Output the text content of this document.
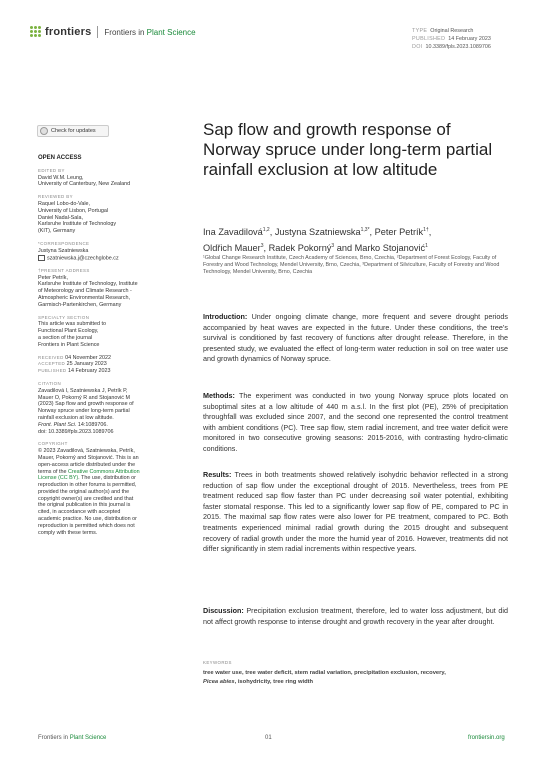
frontiers Frontiers in Plant Science	TYPE Original Research
PUBLISHED 14 February 2023
DOI 10.3389/fpls.2023.1089706
Check for updates
OPEN ACCESS
EDITED BY
David W.M. Leung,
University of Canterbury, New Zealand
REVIEWED BY
Raquel Lobo-do-Vale,
University of Lisbon, Portugal
Daniel Nadal-Sala,
Karlsruhe Institute of Technology
(KIT), Germany
*CORRESPONDENCE
Justyna Szatniewska
szatniewska.j@czechglobe.cz
†PRESENT ADDRESS
Peter Petrík,
Karlsruhe Institute of Technology, Institute
of Meteorology and Climate Research -
Atmospheric Environmental Research,
Garmisch-Partenkirchen, Germany
SPECIALTY SECTION
This article was submitted to
Functional Plant Ecology,
a section of the journal
Frontiers in Plant Science
RECEIVED 04 November 2022
ACCEPTED 25 January 2023
PUBLISHED 14 February 2023
CITATION
Zavadilová I, Szatniewska J, Petrík P,
Mauer O, Pokorný R and Stojanović M
(2023) Sap flow and growth response of
Norway spruce under long-term partial
rainfall exclusion at low altitude.
Front. Plant Sci. 14:1089706.
doi: 10.3389/fpls.2023.1089706
COPYRIGHT
© 2023 Zavadilová, Szatniewska, Petrík,
Mauer, Pokorný and Stojanović. This is an
open-access article distributed under the
terms of the Creative Commons Attribution
License (CC BY). The use, distribution or
reproduction in other forums is permitted,
provided the original author(s) and the
copyright owner(s) are credited and that
the original publication in this journal is
cited, in accordance with accepted
academic practice. No use, distribution or
reproduction is permitted which does not
comply with these terms.
Sap flow and growth response of Norway spruce under long-term partial rainfall exclusion at low altitude
Ina Zavadilová$^{1,2}$, Justyna Szatniewska$^{1,3*}$, Peter Petrík$^{1\dagger}$,
Oldřich Mauer$^3$, Radek Pokorný$^3$ and Marko Stojanović$^1$
¹Global Change Research Institute, Czech Academy of Sciences, Brno, Czechia, ²Department of Forest Ecology, Faculty of Forestry and Wood Technology, Mendel University, Brno, Czechia, ³Department of Silviculture, Faculty of Forestry and Wood Technology, Mendel University, Brno, Czechia
Introduction: Under ongoing climate change, more frequent and severe drought periods accompanied by heat waves are expected in the future. Under these conditions, the tree’s survival is conditioned by fast recovery of functions after drought release. Therefore, in the presented study, we evaluated the effect of long-term water reduction in soil on tree water use and growth dynamics of Norway spruce.
Methods: The experiment was conducted in two young Norway spruce plots located on suboptimal sites at a low altitude of 440 m a.s.l. In the first plot (PE), 25% of precipitation throughfall was excluded since 2007, and the second one represented the control treatment with ambient conditions (PC). Tree sap flow, stem radial increment, and tree water deficit were monitored in two consecutive growing seasons: 2015-2016, with contrasting hydro-climatic conditions.
Results: Trees in both treatments showed relatively isohydric behavior reflected in a strong reduction of sap flow under the exceptional drought of 2015. Nevertheless, trees from PE treatment reduced sap flow faster than PC under decreasing soil water potential, exhibiting faster stomatal response. This led to a significantly lower sap flow of PE, compared to PC in 2015. The maximal sap flow rates were also lower for PE treatment, compared to PC. Both treatments experienced minimal radial growth during the 2015 drought and subsequent recovery of radial growth under the more the humid year of 2016. However, treatments did not differ significantly in stem radial increments within respective years.
Discussion: Precipitation exclusion treatment, therefore, led to water loss adjustment, but did not affect growth response to intense drought and growth recovery in the year after drought.
KEYWORDS
tree water use, tree water deficit, stem radial variation, precipitation exclusion, recovery,
Picea abies, isohydricity, tree ring width
Frontiers in Plant Science	01	frontiersin.org
